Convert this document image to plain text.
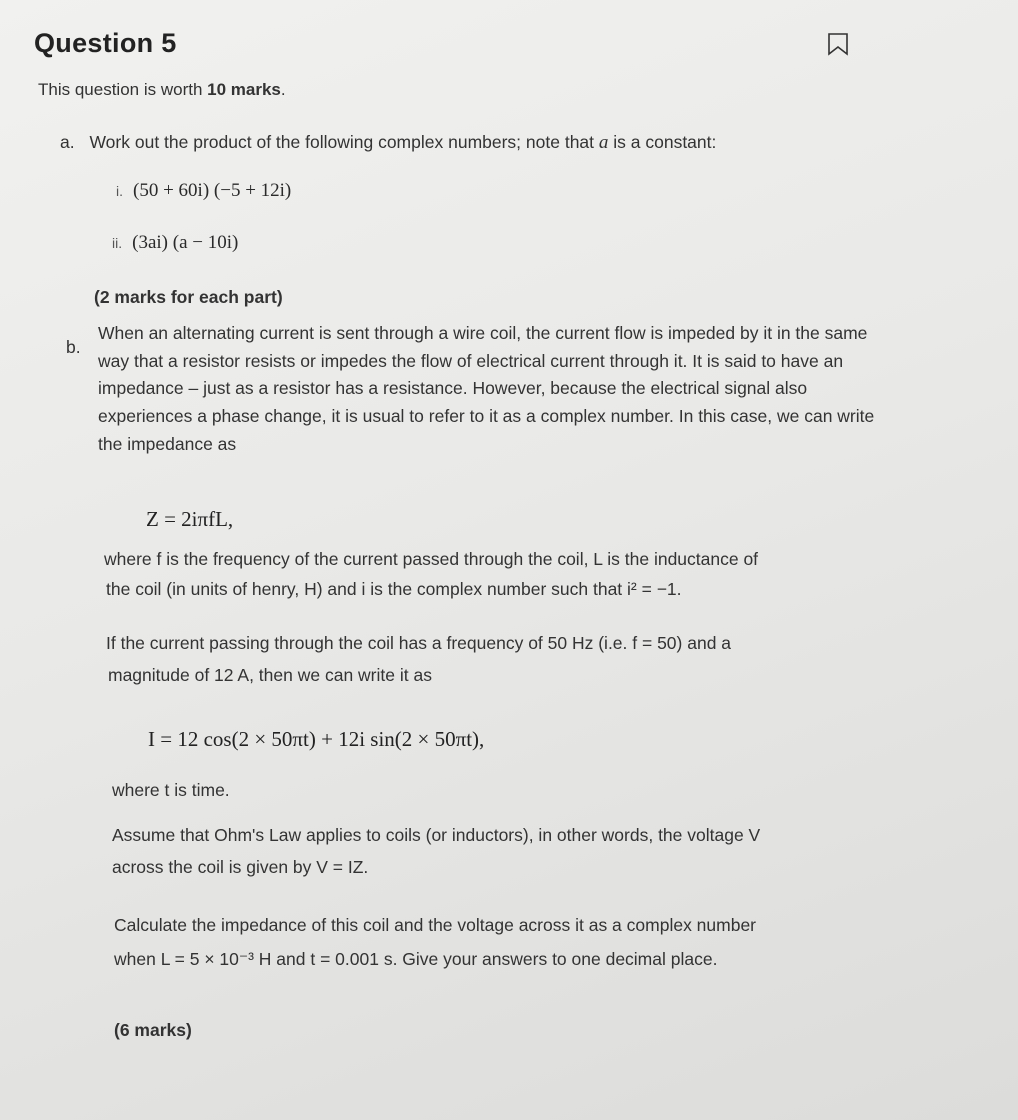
Question 5
This question is worth 10 marks.
a. Work out the product of the following complex numbers; note that a is a constant:
i. (50 + 60i) (−5 + 12i)
ii. (3ai) (a − 10i)
(2 marks for each part)
b.
When an alternating current is sent through a wire coil, the current flow is impeded by it in the same way that a resistor resists or impedes the flow of electrical current through it. It is said to have an impedance – just as a resistor has a resistance. However, because the electrical signal also experiences a phase change, it is usual to refer to it as a complex number. In this case, we can write the impedance as
Z = 2iπfL,
where f is the frequency of the current passed through the coil, L is the inductance of
the coil (in units of henry, H) and i is the complex number such that i² = −1.
If the current passing through the coil has a frequency of 50 Hz (i.e. f = 50) and a
magnitude of 12 A, then we can write it as
I = 12 cos(2 × 50πt) + 12i sin(2 × 50πt),
where t is time.
Assume that Ohm's Law applies to coils (or inductors), in other words, the voltage V
across the coil is given by V = IZ.
Calculate the impedance of this coil and the voltage across it as a complex number
when L = 5 × 10⁻³ H and t = 0.001 s. Give your answers to one decimal place.
(6 marks)
